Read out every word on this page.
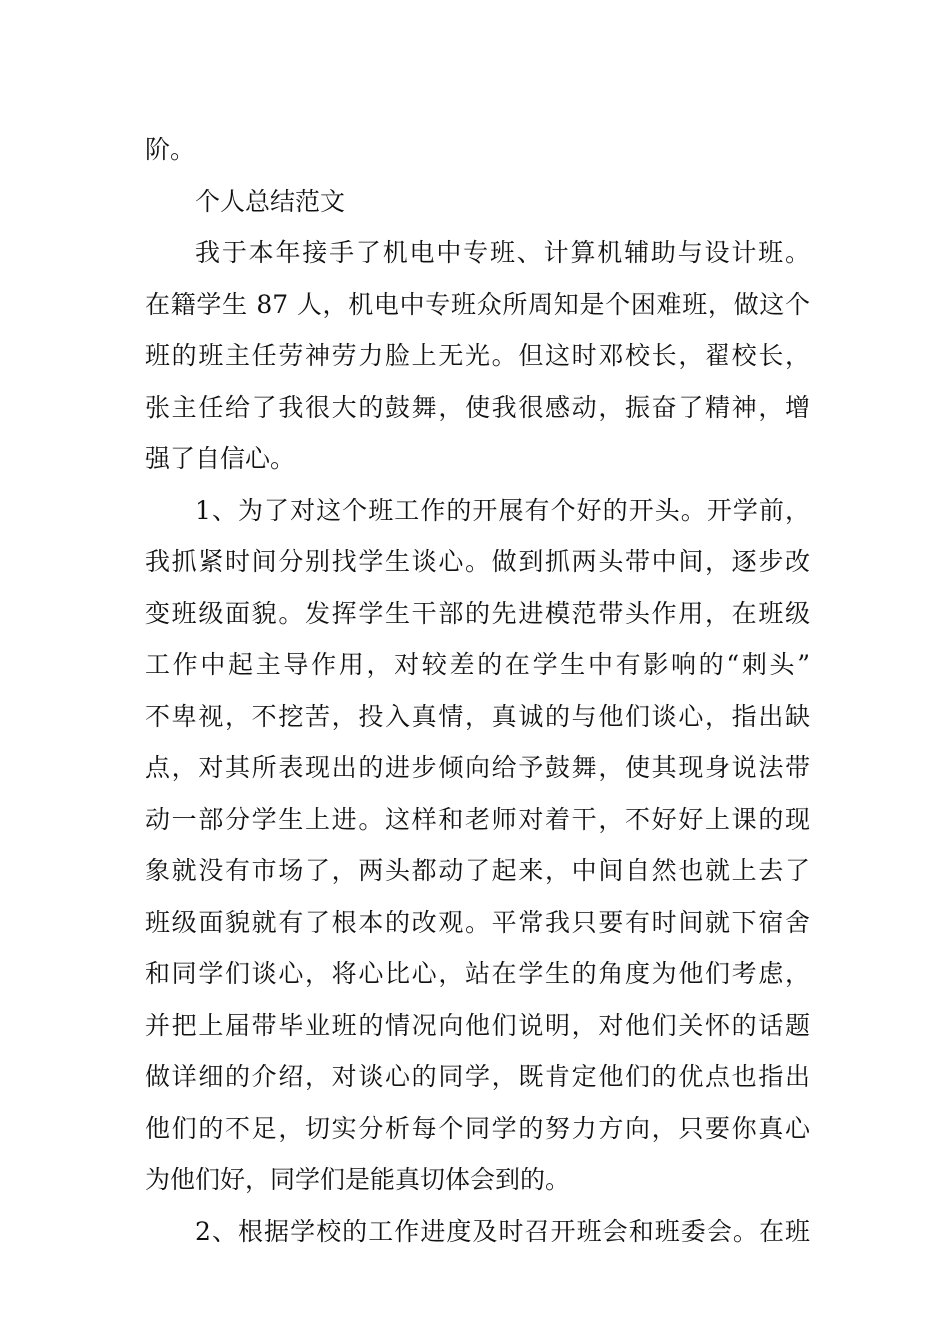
阶。
个人总结范文
我于本年接手了机电中专班、计算机辅助与设计班。
在籍学生 87 人，机电中专班众所周知是个困难班，做这个
班的班主任劳神劳力脸上无光。但这时邓校长，翟校长，
张主任给了我很大的鼓舞，使我很感动，振奋了精神，增
强了自信心。
1、为了对这个班工作的开展有个好的开头。开学前，
我抓紧时间分别找学生谈心。做到抓两头带中间，逐步改
变班级面貌。发挥学生干部的先进模范带头作用，在班级
工作中起主导作用，对较差的在学生中有影响的“刺头”
不卑视，不挖苦，投入真情，真诚的与他们谈心，指出缺
点，对其所表现出的进步倾向给予鼓舞，使其现身说法带
动一部分学生上进。这样和老师对着干，不好好上课的现
象就没有市场了，两头都动了起来，中间自然也就上去了
班级面貌就有了根本的改观。平常我只要有时间就下宿舍
和同学们谈心，将心比心，站在学生的角度为他们考虑，
并把上届带毕业班的情况向他们说明，对他们关怀的话题
做详细的介绍，对谈心的同学，既肯定他们的优点也指出
他们的不足，切实分析每个同学的努力方向，只要你真心
为他们好，同学们是能真切体会到的。
2、根据学校的工作进度及时召开班会和班委会。在班
